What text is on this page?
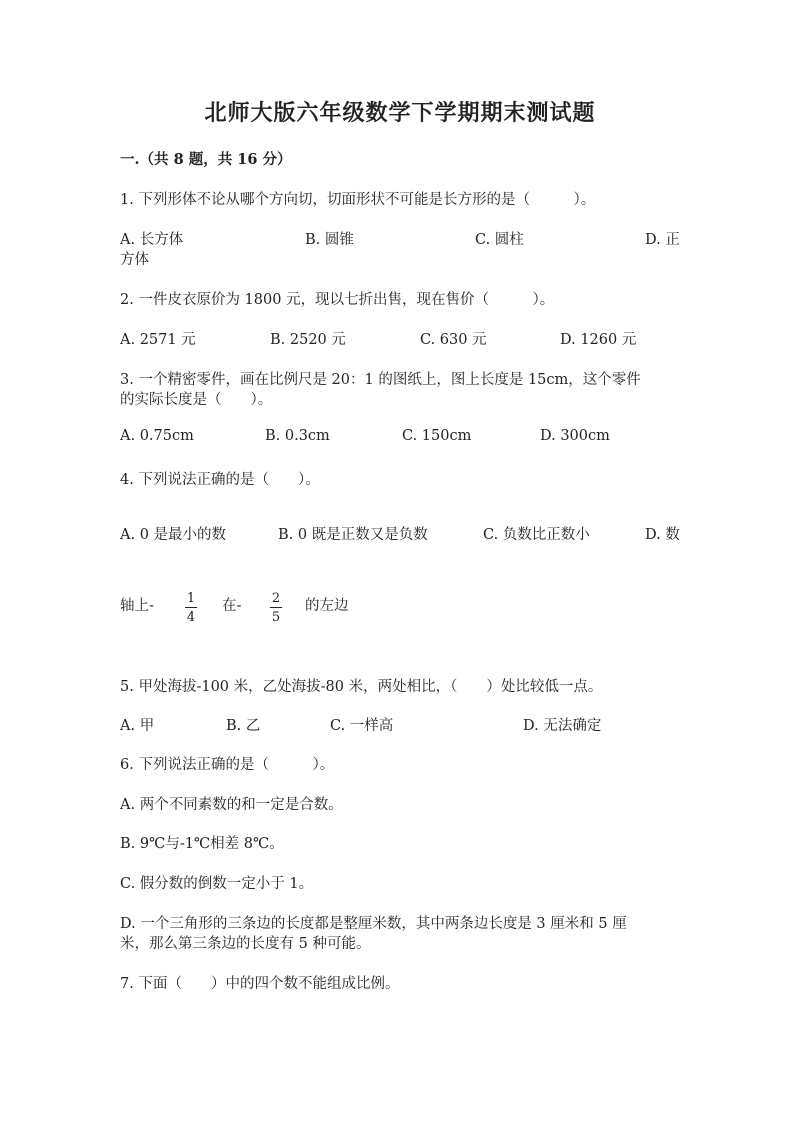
北师大版六年级数学下学期期末测试题
一.（共 8 题，共 16 分）
1. 下列形体不论从哪个方向切，切面形状不可能是长方形的是（　　　）。
A. 长方体	B. 圆锥	C. 圆柱	D. 正
方体
2. 一件皮衣原价为 1800 元，现以七折出售，现在售价（　　　）。
A. 2571 元	B. 2520 元	C. 630 元	D. 1260 元
3. 一个精密零件，画在比例尺是 20：1 的图纸上，图上长度是 15cm，这个零件
的实际长度是（　　）。
A. 0.75cm	B. 0.3cm	C. 150cm	D. 300cm
4. 下列说法正确的是（　　）。
A. 0 是最小的数	B. 0 既是正数又是负数	C. 负数比正数小	D. 数
轴上-	1
4
在- 2
5
的左边
5. 甲处海拔-100 米，乙处海拔-80 米，两处相比，（　　）处比较低一点。
A. 甲	B. 乙	C. 一样高	D. 无法确定
6. 下列说法正确的是（　　　）。
A. 两个不同素数的和一定是合数。
B. 9℃与-1℃相差 8℃。
C. 假分数的倒数一定小于 1。
D. 一个三角形的三条边的长度都是整厘米数，其中两条边长度是 3 厘米和 5 厘
米，那么第三条边的长度有 5 种可能。
7. 下面（　　）中的四个数不能组成比例。
